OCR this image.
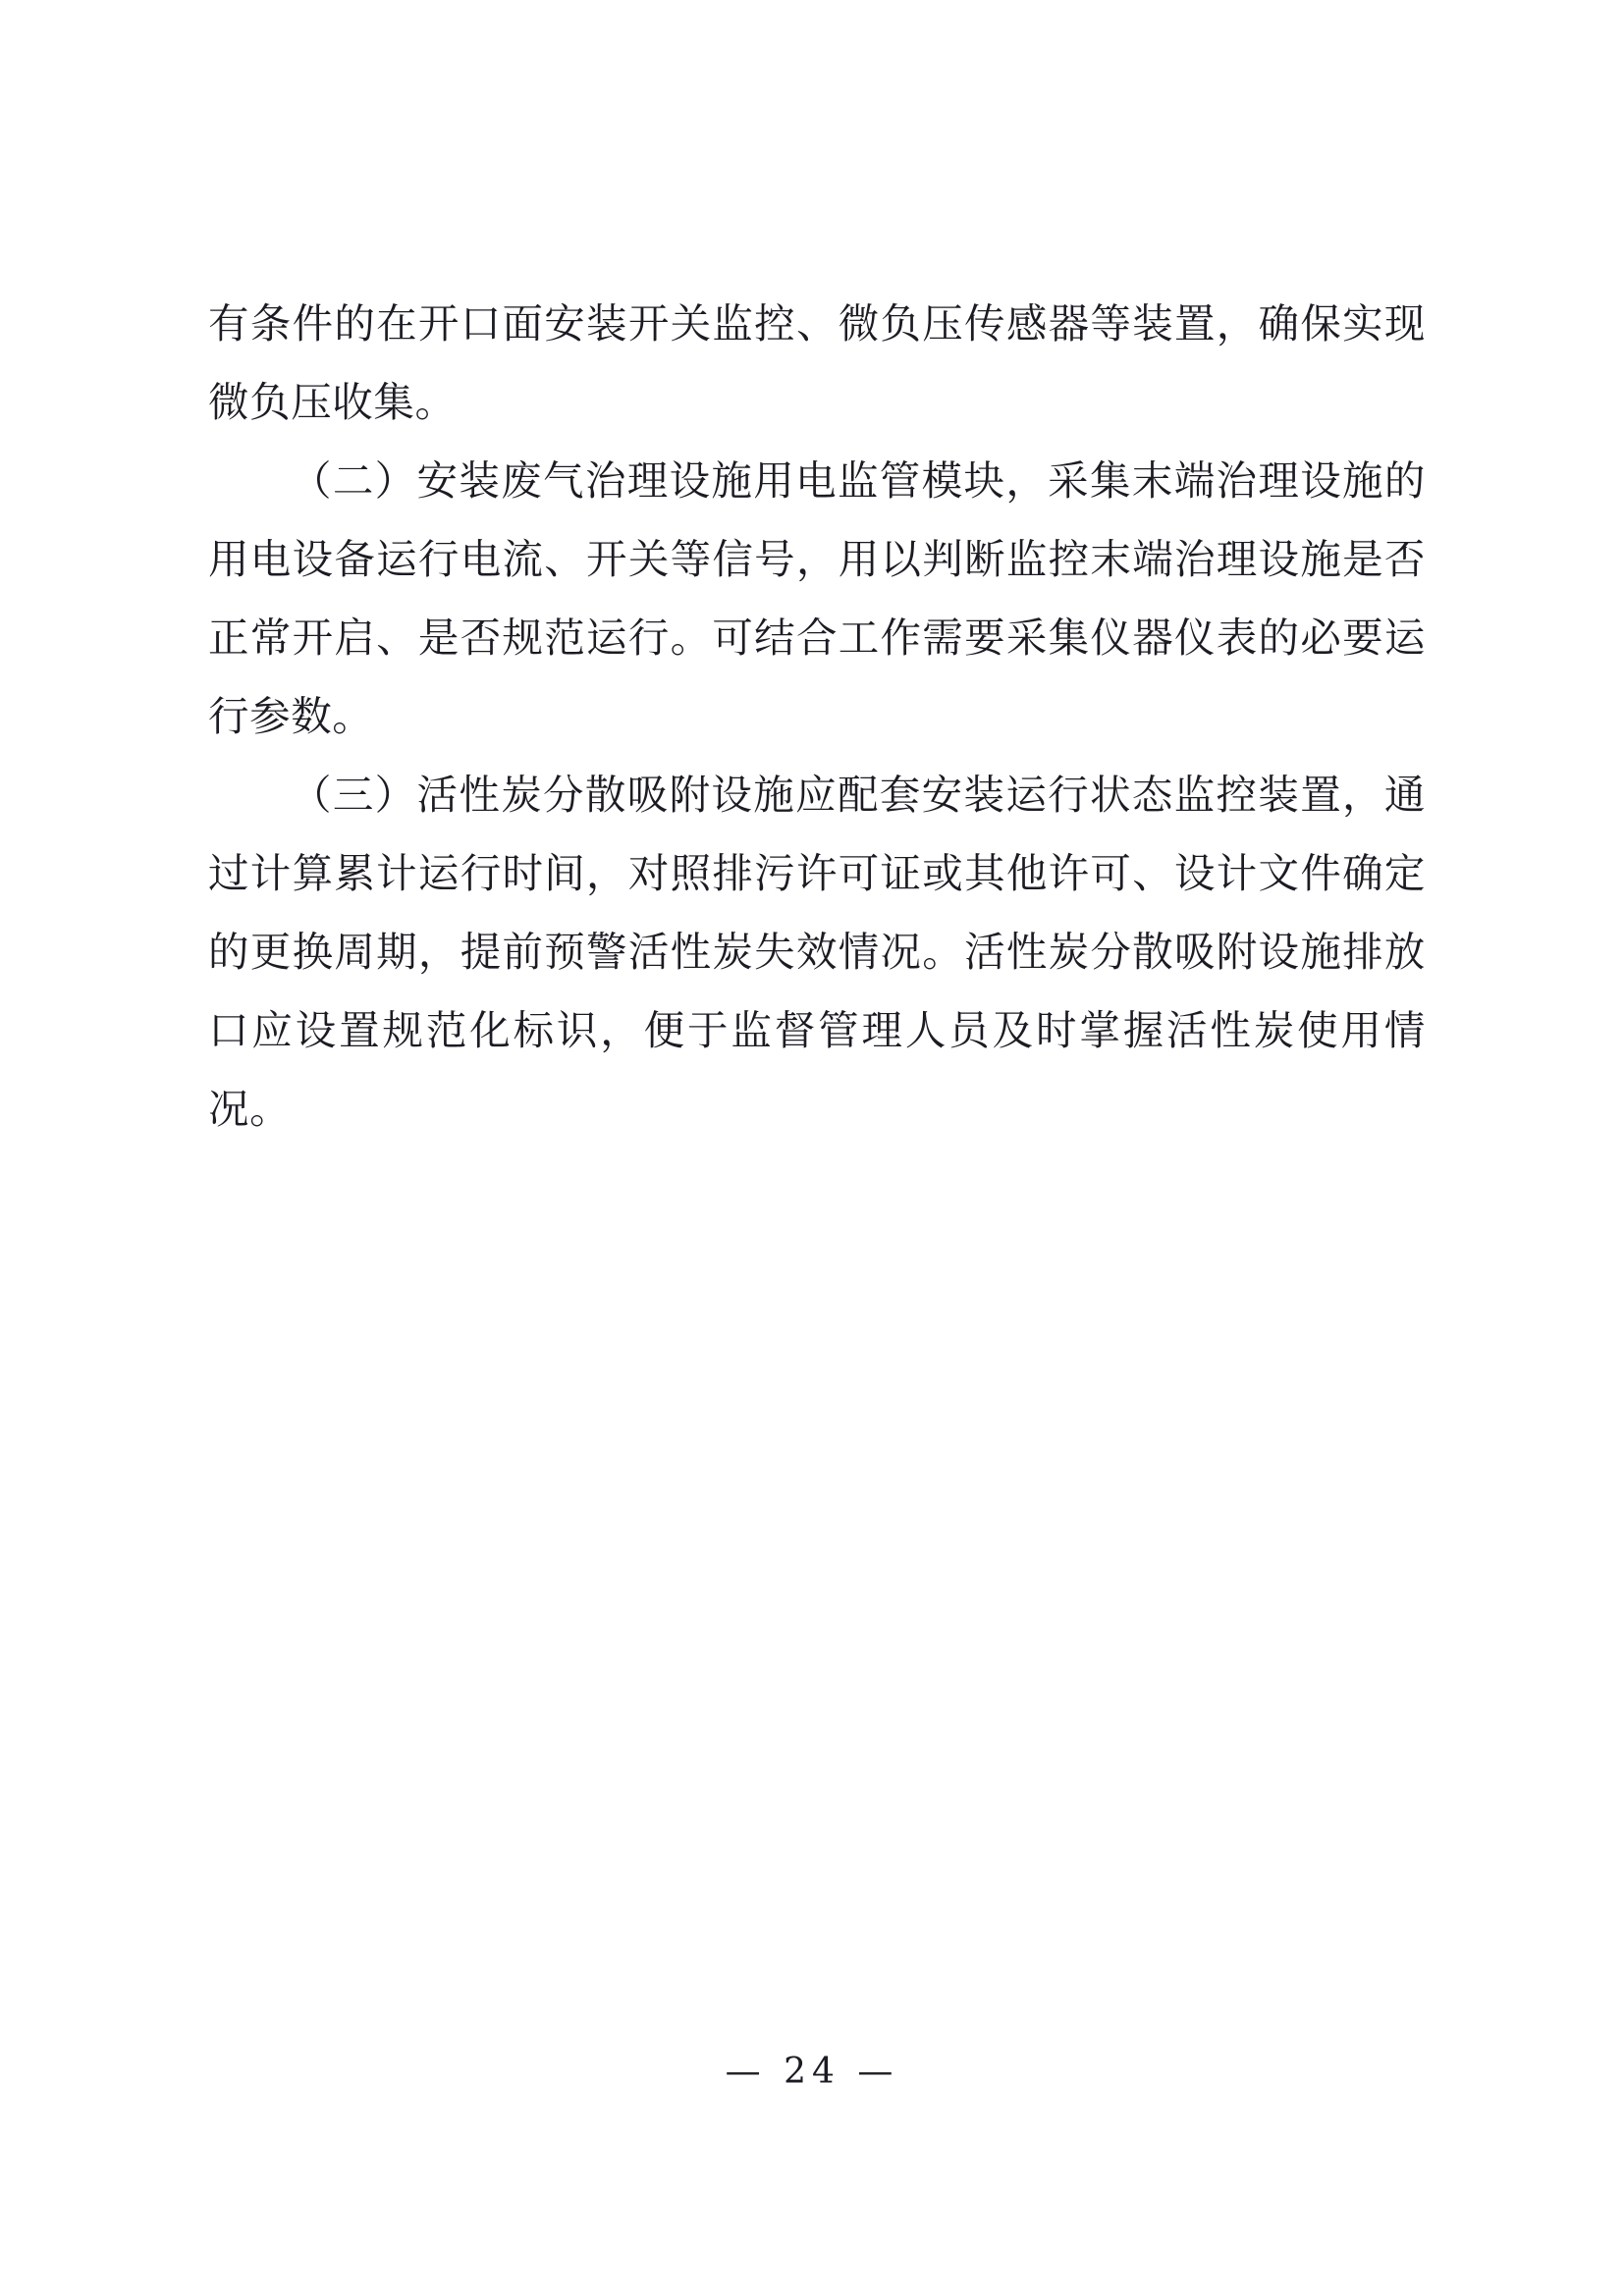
有条件的在开口面安装开关监控、微负压传感器等装置，确保实现微负压收集。

（二）安装废气治理设施用电监管模块，采集末端治理设施的用电设备运行电流、开关等信号，用以判断监控末端治理设施是否正常开启、是否规范运行。可结合工作需要采集仪器仪表的必要运行参数。

（三）活性炭分散吸附设施应配套安装运行状态监控装置，通过计算累计运行时间，对照排污许可证或其他许可、设计文件确定的更换周期，提前预警活性炭失效情况。活性炭分散吸附设施排放口应设置规范化标识，便于监督管理人员及时掌握活性炭使用情况。

— 24 —
